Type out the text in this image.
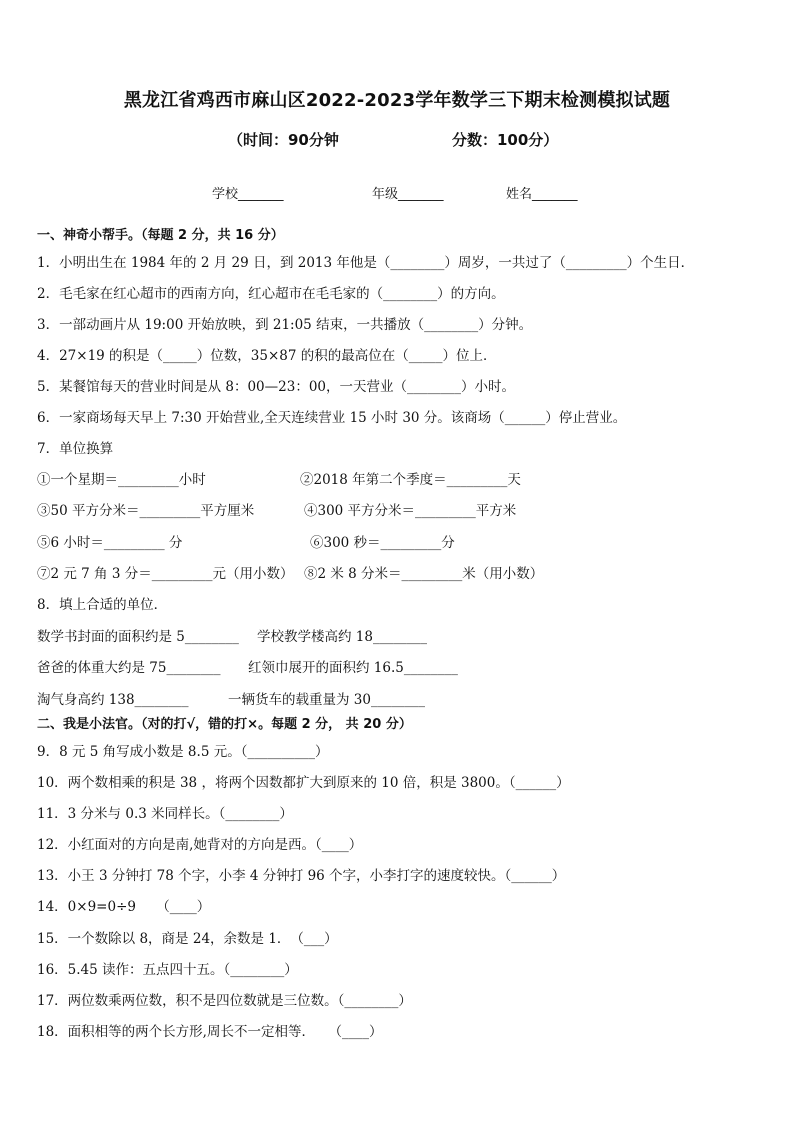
黑龙江省鸡西市麻山区2022-2023学年数学三下期末检测模拟试题
（时间：90分钟	分数：100分）
学校_______	年级_______	姓名_______
一、神奇小帮手。（每题 2 分，共 16 分）
1．小明出生在 1984 年的 2 月 29 日，到 2013 年他是（________）周岁，一共过了（_________）个生日．
2．毛毛家在红心超市的西南方向，红心超市在毛毛家的（________）的方向。
3．一部动画片从 19:00 开始放映，到 21:05 结束，一共播放（________）分钟。
4．27×19 的积是（_____）位数，35×87 的积的最高位在（_____）位上．
5．某餐馆每天的营业时间是从 8：00—23：00，一天营业（________）小时。
6．一家商场每天早上 7:30 开始营业,全天连续营业 15 小时 30 分。该商场（______）停止营业。
7．单位换算
①一个星期＝_________小时	②2018 年第二个季度＝_________天
③50 平方分米＝_________平方厘米	④300 平方分米＝_________平方米
⑤6 小时＝_________ 分	⑥300 秒＝_________分
⑦2 元 7 角 3 分＝_________元（用小数） ⑧2 米 8 分米＝_________米（用小数）
8．填上合适的单位．
数学书封面的面积约是 5________ 学校教学楼高约 18________
爸爸的体重大约是 75________ 红领巾展开的面积约 16.5________
淘气身高约 138________	一辆货车的载重量为 30________
二、我是小法官。（对的打√，错的打×。每题 2 分， 共 20 分）
9．8 元 5 角写成小数是 8.5 元。（__________）
10．两个数相乘的积是 38 ，将两个因数都扩大到原来的 10 倍，积是 3800。（______）
11．3 分米与 0.3 米同样长。（________）
12．小红面对的方向是南,她背对的方向是西。（____）
13．小王 3 分钟打 78 个字，小李 4 分钟打 96 个字，小李打字的速度较快。（______）
14．0×9=0÷9　　（____）
15．一个数除以 8，商是 24，余数是 1．　（___）
16．5.45 读作：五点四十五。（________）
17．两位数乘两位数，积不是四位数就是三位数。（________）
18．面积相等的两个长方形,周长不一定相等．　　（____）
